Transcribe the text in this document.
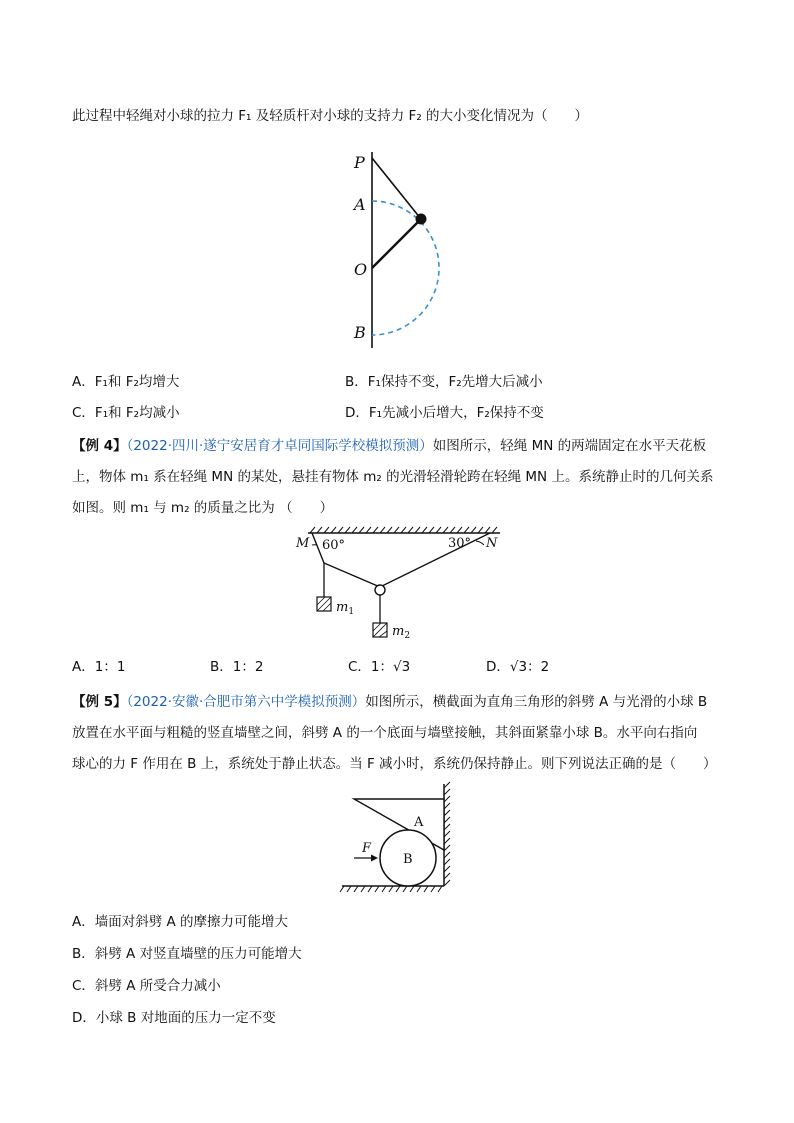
此过程中轻绳对小球的拉力 F₁ 及轻质杆对小球的支持力 F₂ 的大小变化情况为（　　）
P
A
O
B
A．F₁和 F₂均增大	B．F₁保持不变，F₂先增大后减小
C．F₁和 F₂均减小	D．F₁先减小后增大，F₂保持不变
【例 4】（2022·四川·遂宁安居育才卓同国际学校模拟预测）如图所示，轻绳 MN 的两端固定在水平天花板
上，物体 m₁ 系在轻绳 MN 的某处，悬挂有物体 m₂ 的光滑轻滑轮跨在轻绳 MN 上。系统静止时的几何关系
如图。则 m₁ 与 m₂ 的质量之比为 （　　）
M 60°	30° N
$m_1$
$m_2$
A．1：1	B．1：2	C．1：√3	D．√3：2
【例 5】（2022·安徽·合肥市第六中学模拟预测）如图所示，横截面为直角三角形的斜劈 A 与光滑的小球 B
放置在水平面与粗糙的竖直墙壁之间，斜劈 A 的一个底面与墙壁接触，其斜面紧靠小球 B。水平向右指向
球心的力 F 作用在 B 上，系统处于静止状态。当 F 减小时，系统仍保持静止。则下列说法正确的是（　　）
A
B
F
A．墙面对斜劈 A 的摩擦力可能增大
B．斜劈 A 对竖直墙壁的压力可能增大
C．斜劈 A 所受合力减小
D．小球 B 对地面的压力一定不变
